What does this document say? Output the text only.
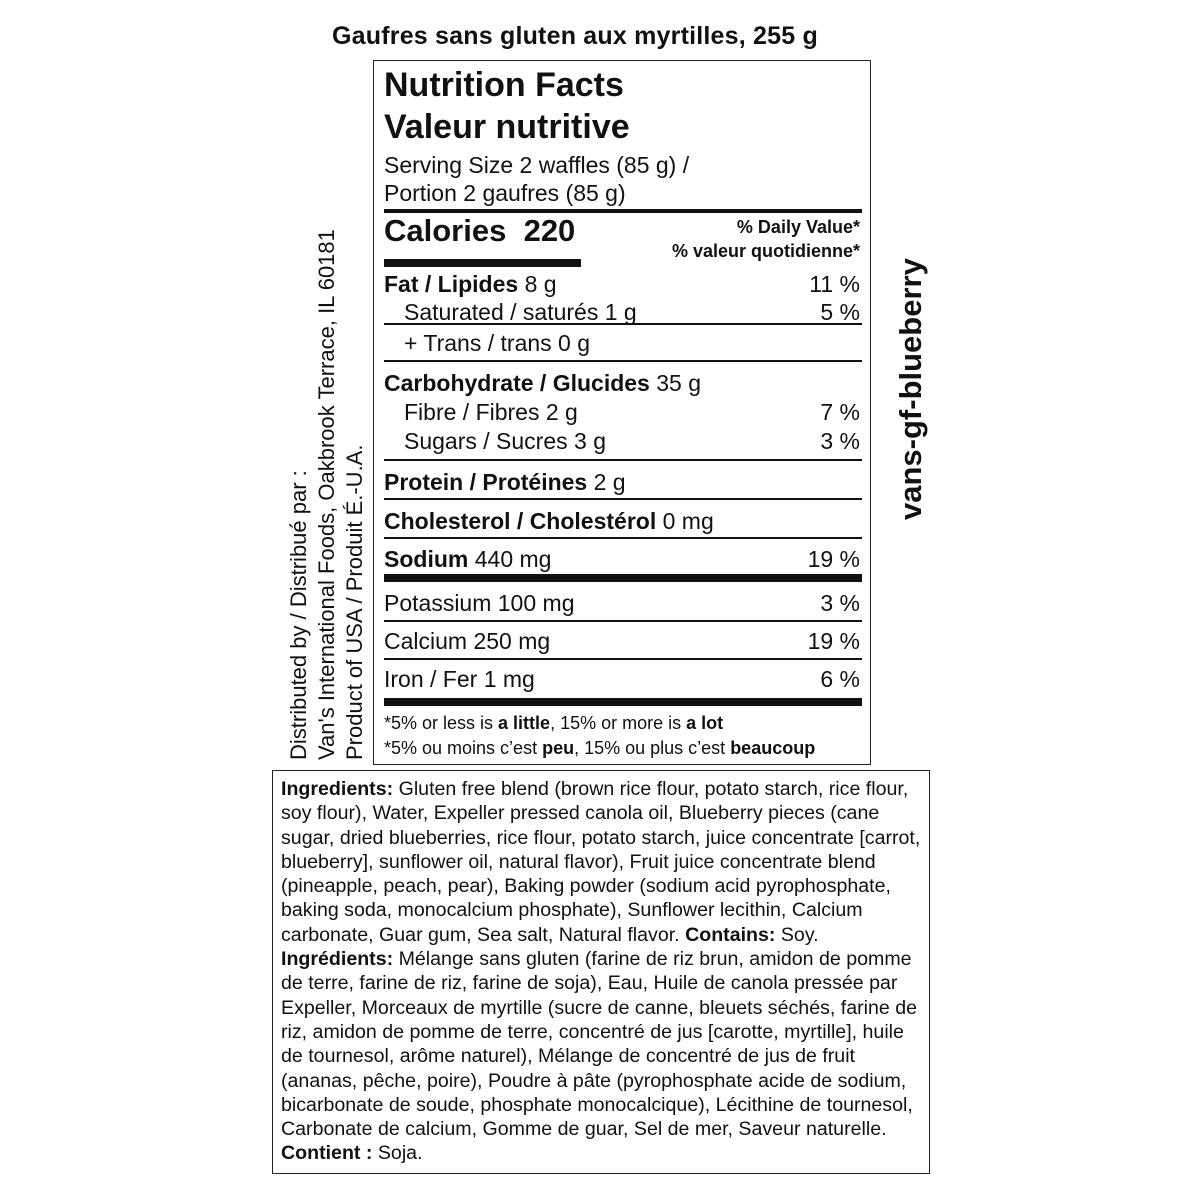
Gaufres sans gluten aux myrtilles, 255 g
Distributed by / Distribué par : Van's International Foods, Oakbrook Terrace, IL 60181 Product of USA / Produit É.-U.A.
vans-gf-blueberry
Nutrition Facts
Valeur nutritive
Serving Size 2 waffles (85 g) /
Portion 2 gaufres (85 g)
Calories 220	% Daily Value*
% valeur quotidienne*
Fat / Lipides 8 g	11 %
Saturated / saturés 1 g	5 %
+ Trans / trans 0 g
Carbohydrate / Glucides 35 g
Fibre / Fibres 2 g	7 %
Sugars / Sucres 3 g	3 %
Protein / Protéines 2 g
Cholesterol / Cholestérol 0 mg
Sodium 440 mg	19 %
Potassium 100 mg	3 %
Calcium 250 mg	19 %
Iron / Fer 1 mg	6 %
*5% or less is a little, 15% or more is a lot
*5% ou moins c’est peu, 15% ou plus c’est beaucoup
Ingredients: Gluten free blend (brown rice flour, potato starch, rice flour, soy flour), Water, Expeller pressed canola oil, Blueberry pieces (cane sugar, dried blueberries, rice flour, potato starch, juice concentrate [carrot, blueberry], sunflower oil, natural flavor), Fruit juice concentrate blend (pineapple, peach, pear), Baking powder (sodium acid pyrophosphate, baking soda, monocalcium phosphate), Sunflower lecithin, Calcium carbonate, Guar gum, Sea salt, Natural flavor. Contains: Soy. Ingrédients: Mélange sans gluten (farine de riz brun, amidon de pomme de terre, farine de riz, farine de soja), Eau, Huile de canola pressée par Expeller, Morceaux de myrtille (sucre de canne, bleuets séchés, farine de riz, amidon de pomme de terre, concentré de jus [carotte, myrtille], huile de tournesol, arôme naturel), Mélange de concentré de jus de fruit (ananas, pêche, poire), Poudre à pâte (pyrophosphate acide de sodium, bicarbonate de soude, phosphate monocalcique), Lécithine de tournesol, Carbonate de calcium, Gomme de guar, Sel de mer, Saveur naturelle. Contient : Soja.
